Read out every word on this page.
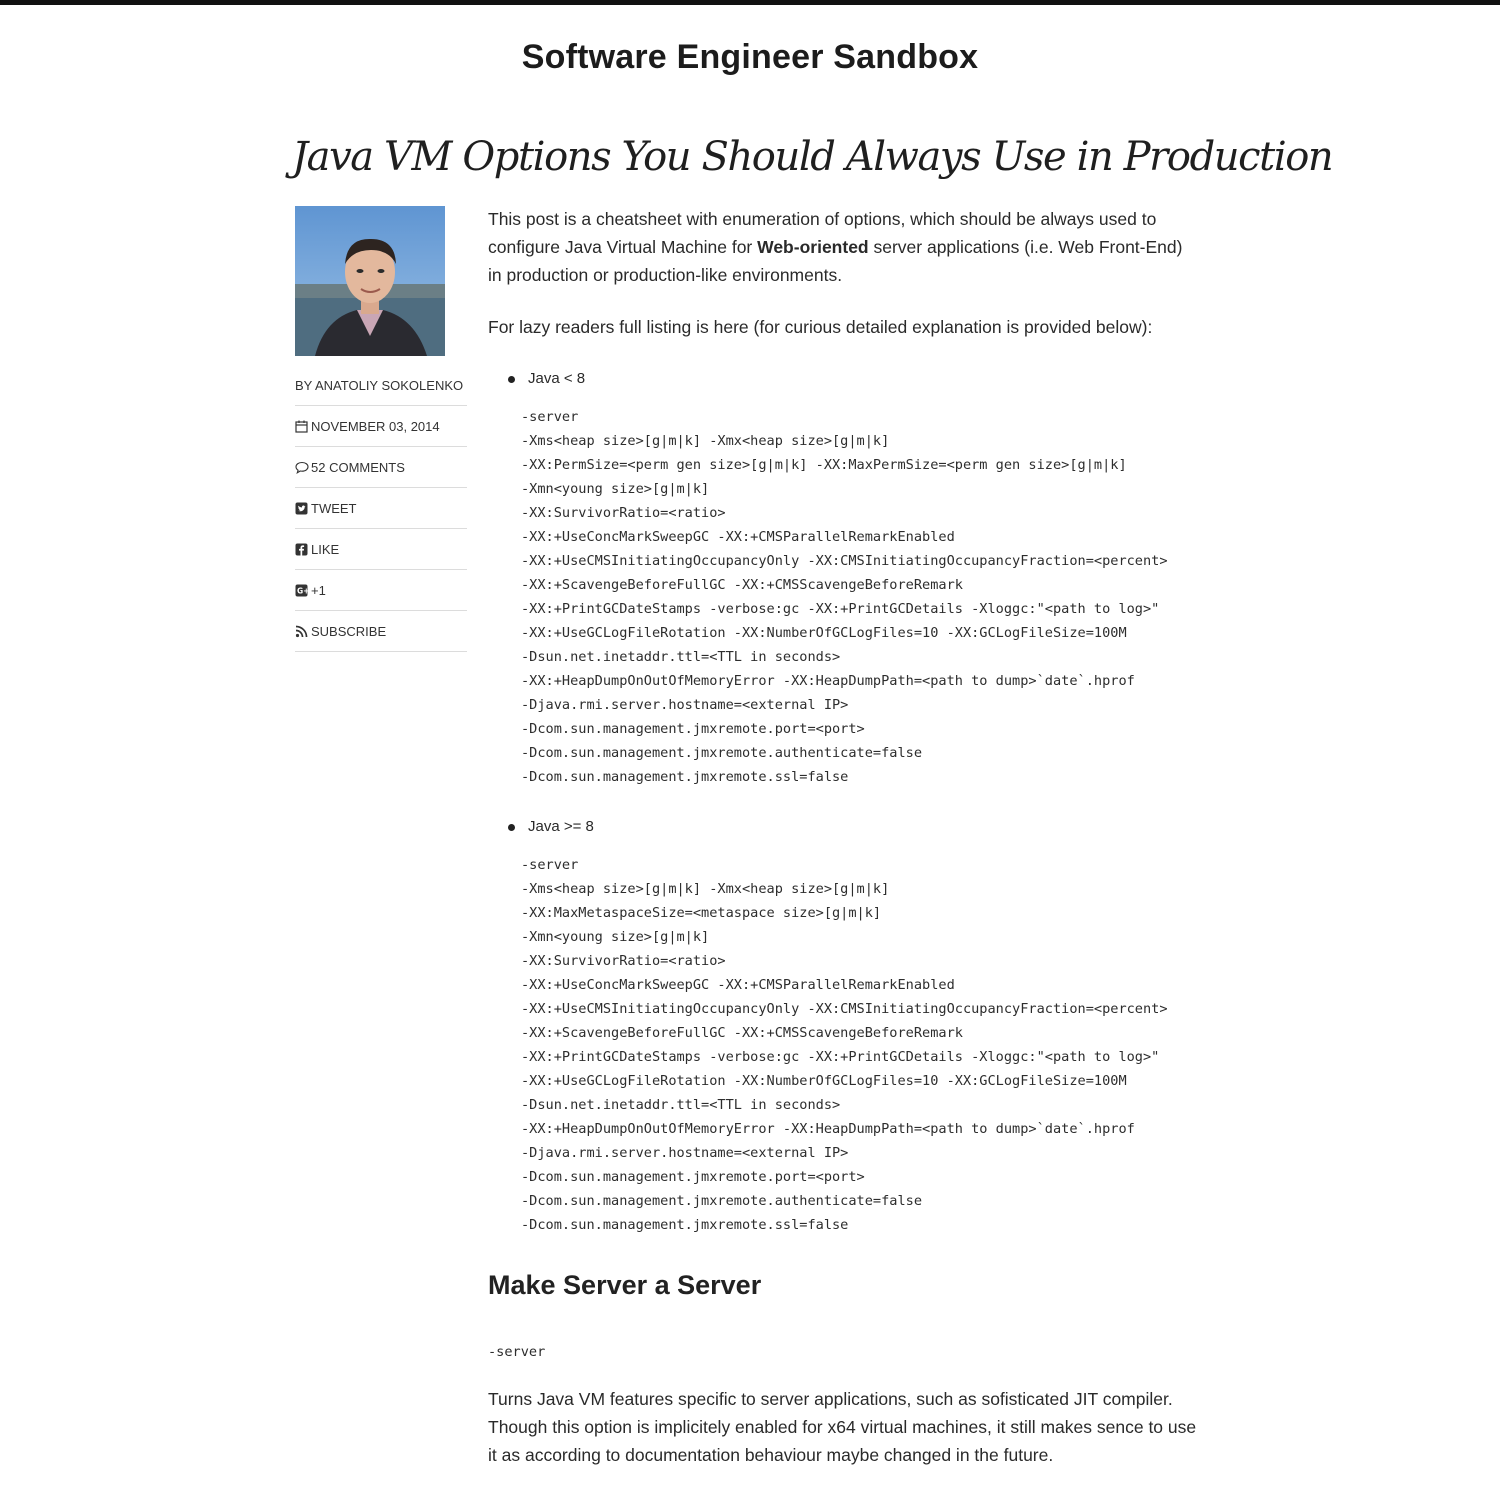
Software Engineer Sandbox
Java VM Options You Should Always Use in Production
BY ANATOLIY SOKOLENKO
NOVEMBER 03, 2014
52 COMMENTS
TWEET
LIKE
G+ +1
SUBSCRIBE

This post is a cheatsheet with enumeration of options, which should be always used to configure Java Virtual Machine for Web-oriented server applications (i.e. Web Front-End) in production or production-like environments.

For lazy readers full listing is here (for curious detailed explanation is provided below):

Java < 8
-server
-Xms<heap size>[g|m|k] -Xmx<heap size>[g|m|k]
-XX:PermSize=<perm gen size>[g|m|k] -XX:MaxPermSize=<perm gen size>[g|m|k]
-Xmn<young size>[g|m|k]
-XX:SurvivorRatio=<ratio>
-XX:+UseConcMarkSweepGC -XX:+CMSParallelRemarkEnabled
-XX:+UseCMSInitiatingOccupancyOnly -XX:CMSInitiatingOccupancyFraction=<percent>
-XX:+ScavengeBeforeFullGC -XX:+CMSScavengeBeforeRemark
-XX:+PrintGCDateStamps -verbose:gc -XX:+PrintGCDetails -Xloggc:"<path to log>"
-XX:+UseGCLogFileRotation -XX:NumberOfGCLogFiles=10 -XX:GCLogFileSize=100M
-Dsun.net.inetaddr.ttl=<TTL in seconds>
-XX:+HeapDumpOnOutOfMemoryError -XX:HeapDumpPath=<path to dump>`date`.hprof
-Djava.rmi.server.hostname=<external IP>
-Dcom.sun.management.jmxremote.port=<port>
-Dcom.sun.management.jmxremote.authenticate=false
-Dcom.sun.management.jmxremote.ssl=false
Java >= 8
-server
-Xms<heap size>[g|m|k] -Xmx<heap size>[g|m|k]
-XX:MaxMetaspaceSize=<metaspace size>[g|m|k]
-Xmn<young size>[g|m|k]
-XX:SurvivorRatio=<ratio>
-XX:+UseConcMarkSweepGC -XX:+CMSParallelRemarkEnabled
-XX:+UseCMSInitiatingOccupancyOnly -XX:CMSInitiatingOccupancyFraction=<percent>
-XX:+ScavengeBeforeFullGC -XX:+CMSScavengeBeforeRemark
-XX:+PrintGCDateStamps -verbose:gc -XX:+PrintGCDetails -Xloggc:"<path to log>"
-XX:+UseGCLogFileRotation -XX:NumberOfGCLogFiles=10 -XX:GCLogFileSize=100M
-Dsun.net.inetaddr.ttl=<TTL in seconds>
-XX:+HeapDumpOnOutOfMemoryError -XX:HeapDumpPath=<path to dump>`date`.hprof
-Djava.rmi.server.hostname=<external IP>
-Dcom.sun.management.jmxremote.port=<port>
-Dcom.sun.management.jmxremote.authenticate=false
-Dcom.sun.management.jmxremote.ssl=false
Make Server a Server
-server

Turns Java VM features specific to server applications, such as sofisticated JIT compiler. Though this option is implicitely enabled for x64 virtual machines, it still makes sence to use it as according to documentation behaviour maybe changed in the future.
